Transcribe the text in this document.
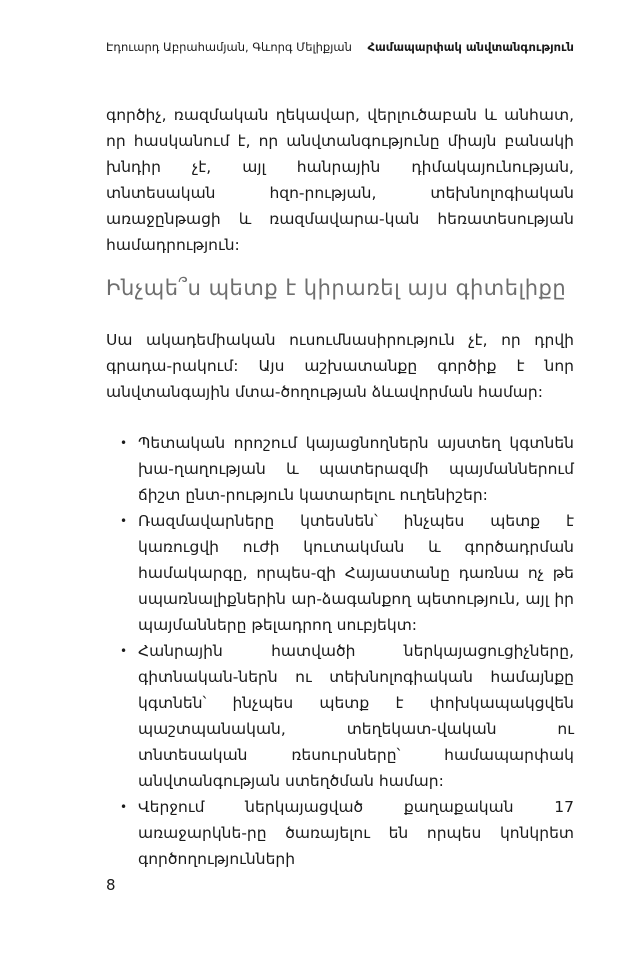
Էդուարդ Աբրահամյան, Գևորգ Մելիքյան Համապարփակ անվտանգություն

գործիչ, ռազմական ղեկավար, վերլուծաբան և անհատ, որ հասկանում է, որ անվտանգությունը միայն բանակի խնդիր չէ, այլ հանրային դիմակայունության, տնտեսական հզո-րության, տեխնոլոգիական առաջընթացի և ռազմավարա-կան հեռատեսության համադրություն:

Ինչպե՞ս պետք է կիրառել այս գիտելիքը

Սա ակադեմիական ուսումնասիրություն չէ, որ դրվի գրադա-րակում: Այս աշխատանքը գործիք է նոր անվտանգային մտա-ծողության ձևավորման համար:

• Պետական որոշում կայացնողներն այստեղ կգտնեն խա-ղաղության և պատերազմի պայմաններում ճիշտ ընտ-րություն կատարելու ուղենիշեր:
• Ռազմավարները կտեսնեն՝ ինչպես պետք է կառուցվի ուժի կուտակման և գործադրման համակարգը, որպես-զի Հայաստանը դառնա ոչ թե սպառնալիքներին ար-ձագանքող պետություն, այլ իր պայմանները թելադրող սուբյեկտ:
• Հանրային հատվածի ներկայացուցիչները, գիտնական-ներն ու տեխնոլոգիական համայնքը կգտնեն՝ ինչպես պետք է փոխկապակցվեն պաշտպանական, տեղեկատ-վական ու տնտեսական ռեսուրսները՝ համապարփակ անվտանգության ստեղծման համար:
• Վերջում ներկայացված քաղաքական 17 առաջարկնե-րը ծառայելու են որպես կոնկրետ գործողությունների
8
